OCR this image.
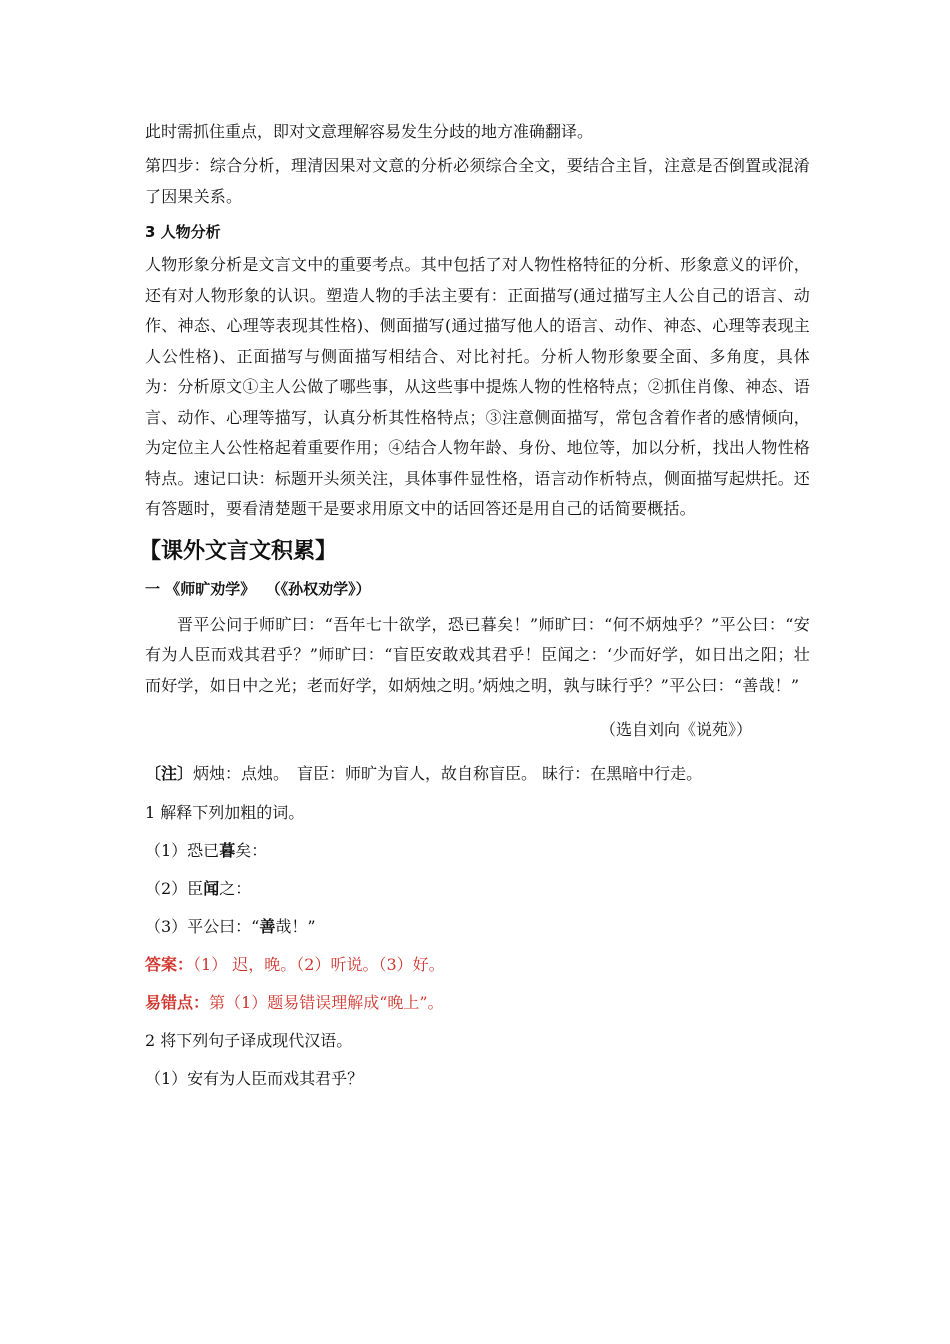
此时需抓住重点，即对文意理解容易发生分歧的地方准确翻译。

第四步：综合分析，理清因果对文意的分析必须综合全文，要结合主旨，注意是否倒置或混淆了因果关系。

3 人物分析

人物形象分析是文言文中的重要考点。其中包括了对人物性格特征的分析、形象意义的评价，还有对人物形象的认识。塑造人物的手法主要有：正面描写(通过描写主人公自己的语言、动作、神态、心理等表现其性格)、侧面描写(通过描写他人的语言、动作、神态、心理等表现主人公性格)、正面描写与侧面描写相结合、对比衬托。分析人物形象要全面、多角度，具体为：分析原文①主人公做了哪些事，从这些事中提炼人物的性格特点；②抓住肖像、神态、语言、动作、心理等描写，认真分析其性格特点；③注意侧面描写，常包含着作者的感情倾向，为定位主人公性格起着重要作用；④结合人物年龄、身份、地位等，加以分析，找出人物性格特点。速记口诀：标题开头须关注，具体事件显性格，语言动作析特点，侧面描写起烘托。还有答题时，要看清楚题干是要求用原文中的话回答还是用自己的话简要概括。

【课外文言文积累】

一 《师旷劝学》  （《孙权劝学》）

晋平公问于师旷曰：“吾年七十欲学，恐已暮矣！”师旷曰：“何不炳烛乎？”平公曰：“安有为人臣而戏其君乎？”师旷曰：“盲臣安敢戏其君乎！臣闻之：‘少而好学，如日出之阳；壮而好学，如日中之光；老而好学，如炳烛之明。’炳烛之明，孰与昧行乎？”平公曰：“善哉！”

（选自刘向《说苑》）

〔注〕炳烛：点烛。　盲臣：师旷为盲人，故自称盲臣。 昧行：在黑暗中行走。

1 解释下列加粗的词。

（1）恐已暮矣：

（2）臣闻之：

（3）平公曰：“善哉！”

答案：（1） 迟，晚。（2）听说。（3）好。

易错点：第（1）题易错误理解成“晚上”。

2 将下列句子译成现代汉语。

（1）安有为人臣而戏其君乎？
